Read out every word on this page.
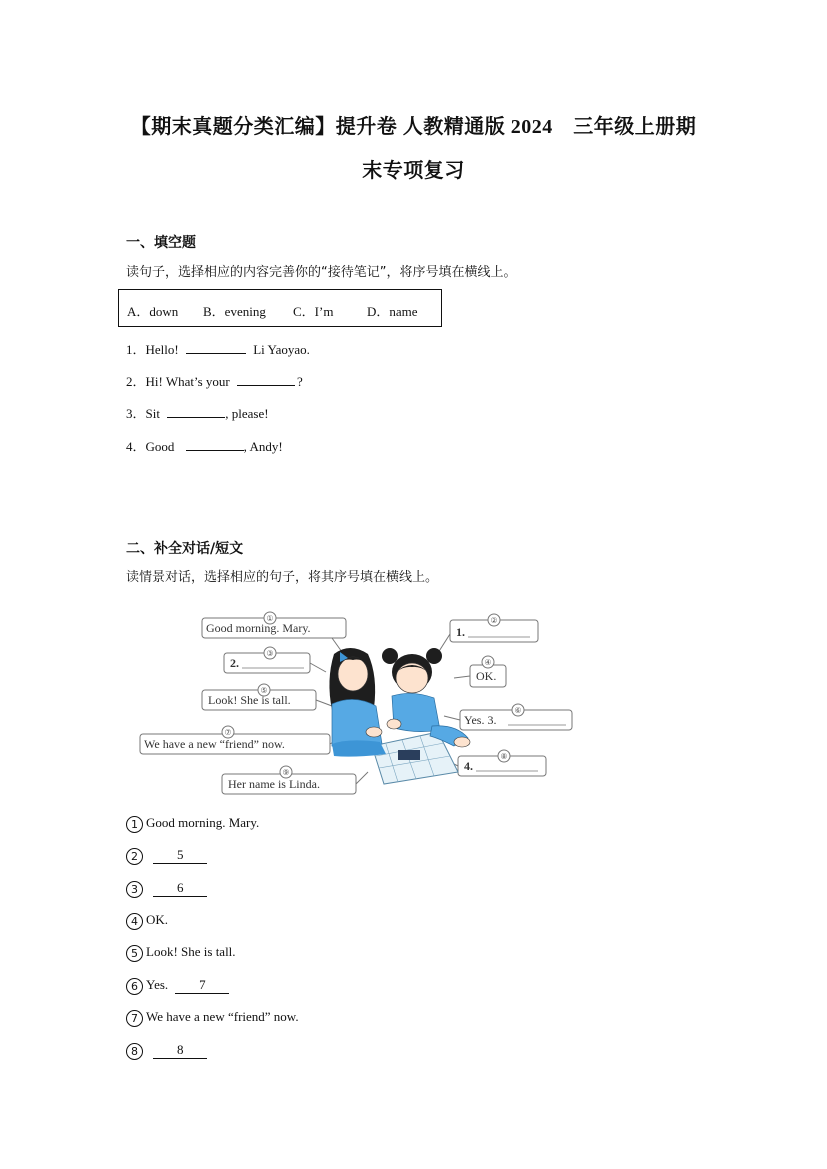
【期末真题分类汇编】提升卷 人教精通版 2024　三年级上册期
末专项复习
一、填空题
读句子，选择相应的内容完善你的“接待笔记”，将序号填在横线上。
A．down B．evening C．I’m	D．name
1．Hello!	Li Yaoyao.
2．Hi! What’s your	?
3．Sit	, please!
4．Good	, Andy!
二、补全对话/短文
读情景对话，选择相应的句子，将其序号填在横线上。
①	②
③
④
⑤
⑥
⑦
⑧
⑨
Good morning. Mary.	1.
2.
OK.
Look! She is tall.
Yes. 3.
We have a new “friend” now.
4.
Her name is Linda.
1 Good morning. Mary.
2	5
3	6
4 OK.
5 Look! She is tall.
6 Yes. 7
7 We have a new “friend” now.
8	8
